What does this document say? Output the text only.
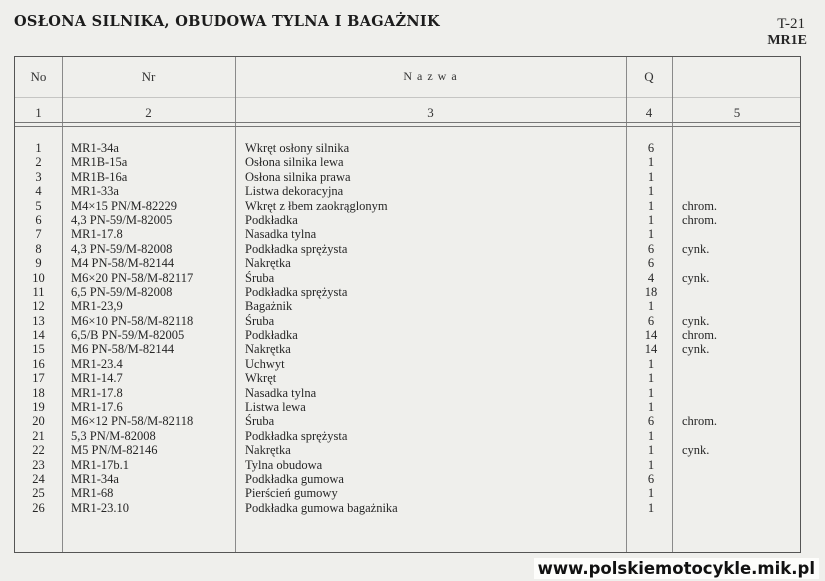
OSŁONA SILNIKA, OBUDOWA TYLNA I BAGAŻNIK	T-21
MR1E
No	Nr	N a z w a	Q
1	2	3	4	5
1	MR1-34a	Wkręt osłony silnika	6
2	MR1B-15a	Osłona silnika lewa	1
3	MR1B-16a	Osłona silnika prawa	1
4	MR1-33a	Listwa dekoracyjna	1
5	M4×15 PN/M-82229	Wkręt z łbem zaokrąglonym	1	chrom.
6	4,3 PN-59/M-82005	Podkładka	1	chrom.
7	MR1-17.8	Nasadka tylna	1
8	4,3 PN-59/M-82008	Podkładka sprężysta	6	cynk.
9	M4 PN-58/M-82144	Nakrętka	6
10	M6×20 PN-58/M-82117	Śruba	4	cynk.
11	6,5 PN-59/M-82008	Podkładka sprężysta	18
12	MR1-23,9	Bagażnik	1
13	M6×10 PN-58/M-82118	Śruba	6	cynk.
14	6,5/B PN-59/M-82005	Podkładka	14	chrom.
15	M6 PN-58/M-82144	Nakrętka	14	cynk.
16	MR1-23.4	Uchwyt	1
17	MR1-14.7	Wkręt	1
18	MR1-17.8	Nasadka tylna	1
19	MR1-17.6	Listwa lewa	1
20	M6×12 PN-58/M-82118	Śruba	6	chrom.
21	5,3 PN/M-82008	Podkładka sprężysta	1
22	M5 PN/M-82146	Nakrętka	1	cynk.
23	MR1-17b.1	Tylna obudowa	1
24	MR1-34a	Podkładka gumowa	6
25	MR1-68	Pierścień gumowy	1
26	MR1-23.10	Podkładka gumowa bagażnika	1
www.polskiemotocykle.mik.pl
